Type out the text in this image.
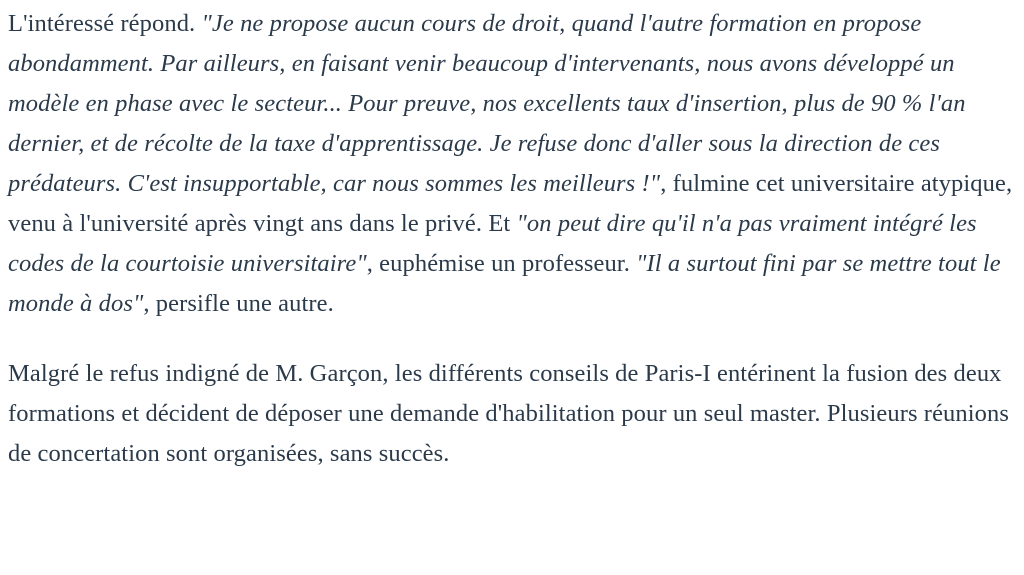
L'intéressé répond. "Je ne propose aucun cours de droit, quand l'autre formation en propose abondamment. Par ailleurs, en faisant venir beaucoup d'intervenants, nous avons développé un modèle en phase avec le secteur... Pour preuve, nos excellents taux d'insertion, plus de 90 % l'an dernier, et de récolte de la taxe d'apprentissage. Je refuse donc d'aller sous la direction de ces prédateurs. C'est insupportable, car nous sommes les meilleurs !", fulmine cet universitaire atypique, venu à l'université après vingt ans dans le privé. Et "on peut dire qu'il n'a pas vraiment intégré les codes de la courtoisie universitaire", euphémise un professeur. "Il a surtout fini par se mettre tout le monde à dos", persifle une autre.

Malgré le refus indigné de M. Garçon, les différents conseils de Paris-I entérinent la fusion des deux formations et décident de déposer une demande d'habilitation pour un seul master. Plusieurs réunions de concertation sont organisées, sans succès.
